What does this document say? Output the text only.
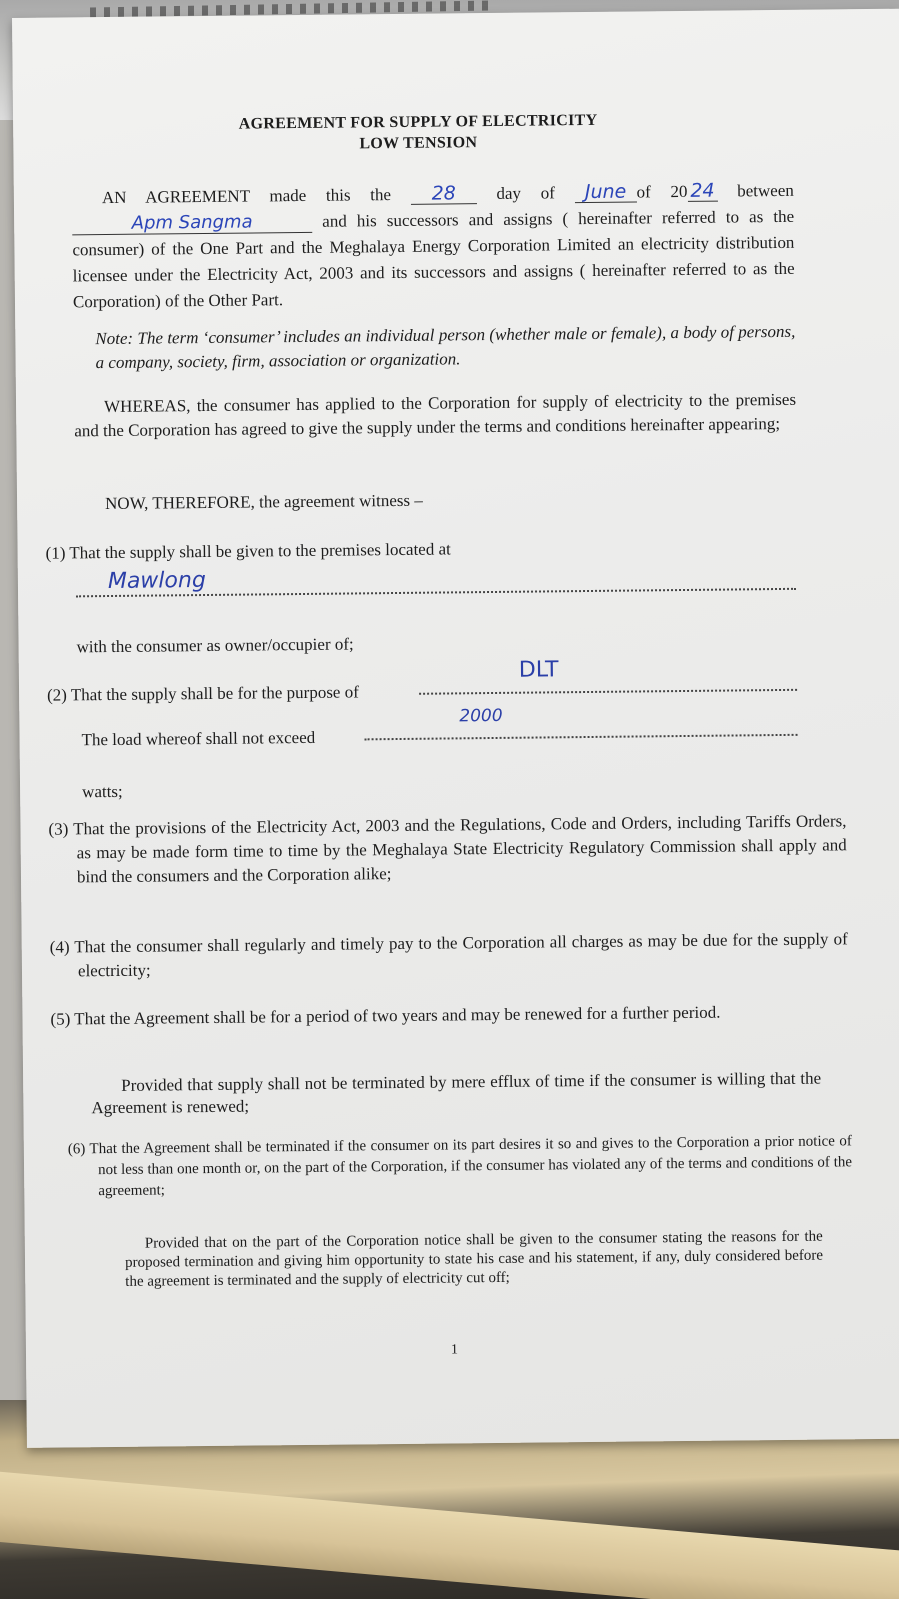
AGREEMENT FOR SUPPLY OF ELECTRICITY
LOW TENSION
AN AGREEMENT made this the 28 day of June of 20 24 between Apm Sangma	and his successors and assigns ( hereinafter referred to as the consumer) of the One Part and the Meghalaya Energy Corporation Limited an electricity distribution licensee under the Electricity Act, 2003 and its successors and assigns ( hereinafter referred to as the Corporation) of the Other Part.
Note: The term ‘consumer’ includes an individual person (whether male or female), a body of persons, a company, society, firm, association or organization.
WHEREAS, the consumer has applied to the Corporation for supply of electricity to the premises and the Corporation has agreed to give the supply under the terms and conditions hereinafter appearing;
NOW, THEREFORE, the agreement witness –
(1) That the supply shall be given to the premises located at
Mawlong
with the consumer as owner/occupier of;
(2) That the supply shall be for the purpose of
DLT
The load whereof shall not exceed
2000
watts;
(3) That the provisions of the Electricity Act, 2003 and the Regulations, Code and Orders, including Tariffs Orders, as may be made form time to time by the Meghalaya State Electricity Regulatory Commission shall apply and bind the consumers and the Corporation alike;
(4) That the consumer shall regularly and timely pay to the Corporation all charges as may be due for the supply of electricity;
(5) That the Agreement shall be for a period of two years and may be renewed for a further period.
Provided that supply shall not be terminated by mere efflux of time if the consumer is willing that the Agreement is renewed;
(6) That the Agreement shall be terminated if the consumer on its part desires it so and gives to the Corporation a prior notice of not less than one month or, on the part of the Corporation, if the consumer has violated any of the terms and conditions of the agreement;
Provided that on the part of the Corporation notice shall be given to the consumer stating the reasons for the proposed termination and giving him opportunity to state his case and his statement, if any, duly considered before the agreement is terminated and the supply of electricity cut off;
1
